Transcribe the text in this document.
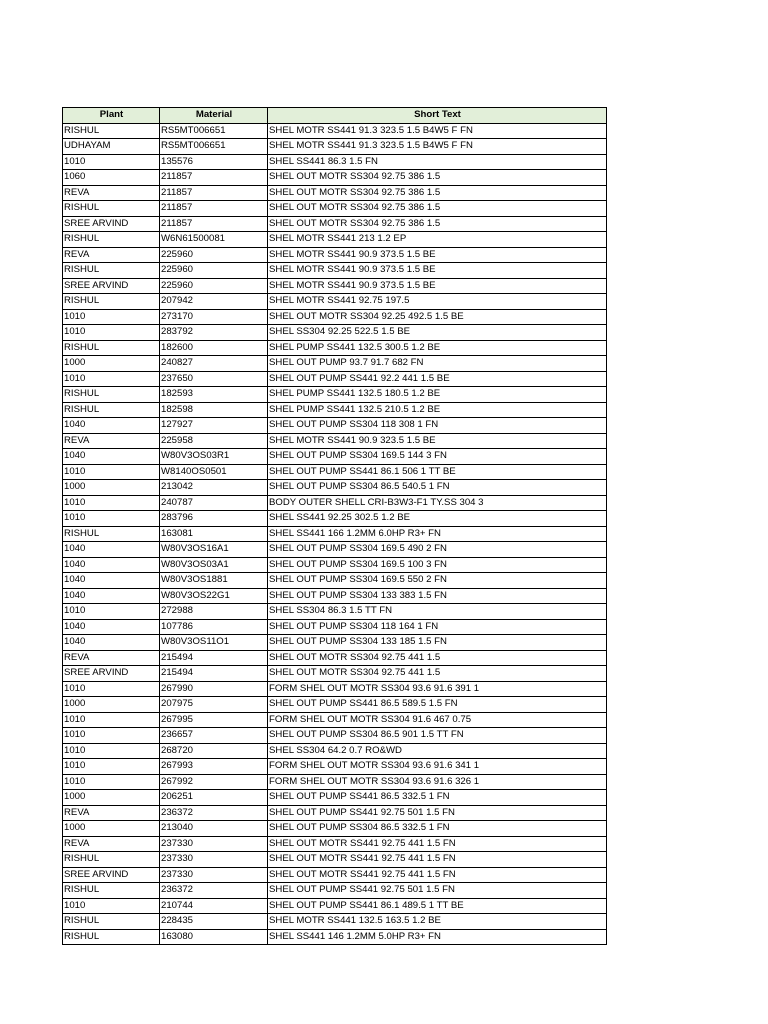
Plant	Material	Short Text
RISHUL	RS5MT006651	SHEL MOTR SS441 91.3 323.5 1.5 B4W5 F FN
UDHAYAM	RS5MT006651	SHEL MOTR SS441 91.3 323.5 1.5 B4W5 F FN
1010	135576	SHEL SS441 86.3 1.5 FN
1060	211857	SHEL OUT MOTR SS304 92.75 386 1.5
REVA	211857	SHEL OUT MOTR SS304 92.75 386 1.5
RISHUL	211857	SHEL OUT MOTR SS304 92.75 386 1.5
SREE ARVIND	211857	SHEL OUT MOTR SS304 92.75 386 1.5
RISHUL	W6N61500081	SHEL MOTR SS441 213 1.2 EP
REVA	225960	SHEL MOTR SS441 90.9 373.5 1.5 BE
RISHUL	225960	SHEL MOTR SS441 90.9 373.5 1.5 BE
SREE ARVIND	225960	SHEL MOTR SS441 90.9 373.5 1.5 BE
RISHUL	207942	SHEL MOTR SS441 92.75 197.5
1010	273170	SHEL OUT MOTR SS304 92.25 492.5 1.5 BE
1010	283792	SHEL SS304 92.25 522.5 1.5 BE
RISHUL	182600	SHEL PUMP SS441 132.5 300.5 1.2 BE
1000	240827	SHEL OUT PUMP 93.7 91.7 682 FN
1010	237650	SHEL OUT PUMP SS441 92.2 441 1.5 BE
RISHUL	182593	SHEL PUMP SS441 132.5 180.5 1.2 BE
RISHUL	182598	SHEL PUMP SS441 132.5 210.5 1.2 BE
1040	127927	SHEL OUT PUMP SS304 118 308 1 FN
REVA	225958	SHEL MOTR SS441 90.9 323.5 1.5 BE
1040	W80V3OS03R1	SHEL OUT PUMP SS304 169.5 144 3 FN
1010	W8140OS0501	SHEL OUT PUMP SS441 86.1 506 1 TT BE
1000	213042	SHEL OUT PUMP SS304 86.5 540.5 1 FN
1010	240787	BODY OUTER SHELL CRI-B3W3-F1 TY.SS 304 3
1010	283796	SHEL SS441 92.25 302.5 1.2 BE
RISHUL	163081	SHEL SS441 166 1.2MM 6.0HP R3+ FN
1040	W80V3OS16A1	SHEL OUT PUMP SS304 169.5 490 2 FN
1040	W80V3OS03A1	SHEL OUT PUMP SS304 169.5 100 3 FN
1040	W80V3OS1881	SHEL OUT PUMP SS304 169.5 550 2 FN
1040	W80V3OS22G1	SHEL OUT PUMP SS304 133 383 1.5 FN
1010	272988	SHEL SS304 86.3 1.5 TT FN
1040	107786	SHEL OUT PUMP SS304 118 164 1 FN
1040	W80V3OS11O1	SHEL OUT PUMP SS304 133 185 1.5 FN
REVA	215494	SHEL OUT MOTR SS304 92.75 441 1.5
SREE ARVIND	215494	SHEL OUT MOTR SS304 92.75 441 1.5
1010	267990	FORM SHEL OUT MOTR SS304 93.6 91.6 391 1
1000	207975	SHEL OUT PUMP SS441 86.5 589.5 1.5 FN
1010	267995	FORM SHEL OUT MOTR SS304 91.6 467 0.75
1010	236657	SHEL OUT PUMP SS304 86.5 901 1.5 TT FN
1010	268720	SHEL SS304 64.2 0.7 RO&WD
1010	267993	FORM SHEL OUT MOTR SS304 93.6 91.6 341 1
1010	267992	FORM SHEL OUT MOTR SS304 93.6 91.6 326 1
1000	206251	SHEL OUT PUMP SS441 86.5 332.5 1 FN
REVA	236372	SHEL OUT PUMP SS441 92.75 501 1.5 FN
1000	213040	SHEL OUT PUMP SS304 86.5 332.5 1 FN
REVA	237330	SHEL OUT MOTR SS441 92.75 441 1.5 FN
RISHUL	237330	SHEL OUT MOTR SS441 92.75 441 1.5 FN
SREE ARVIND	237330	SHEL OUT MOTR SS441 92.75 441 1.5 FN
RISHUL	236372	SHEL OUT PUMP SS441 92.75 501 1.5 FN
1010	210744	SHEL OUT PUMP SS441 86.1 489.5 1 TT BE
RISHUL	228435	SHEL MOTR SS441 132.5 163.5 1.2 BE
RISHUL	163080	SHEL SS441 146 1.2MM 5.0HP R3+ FN
